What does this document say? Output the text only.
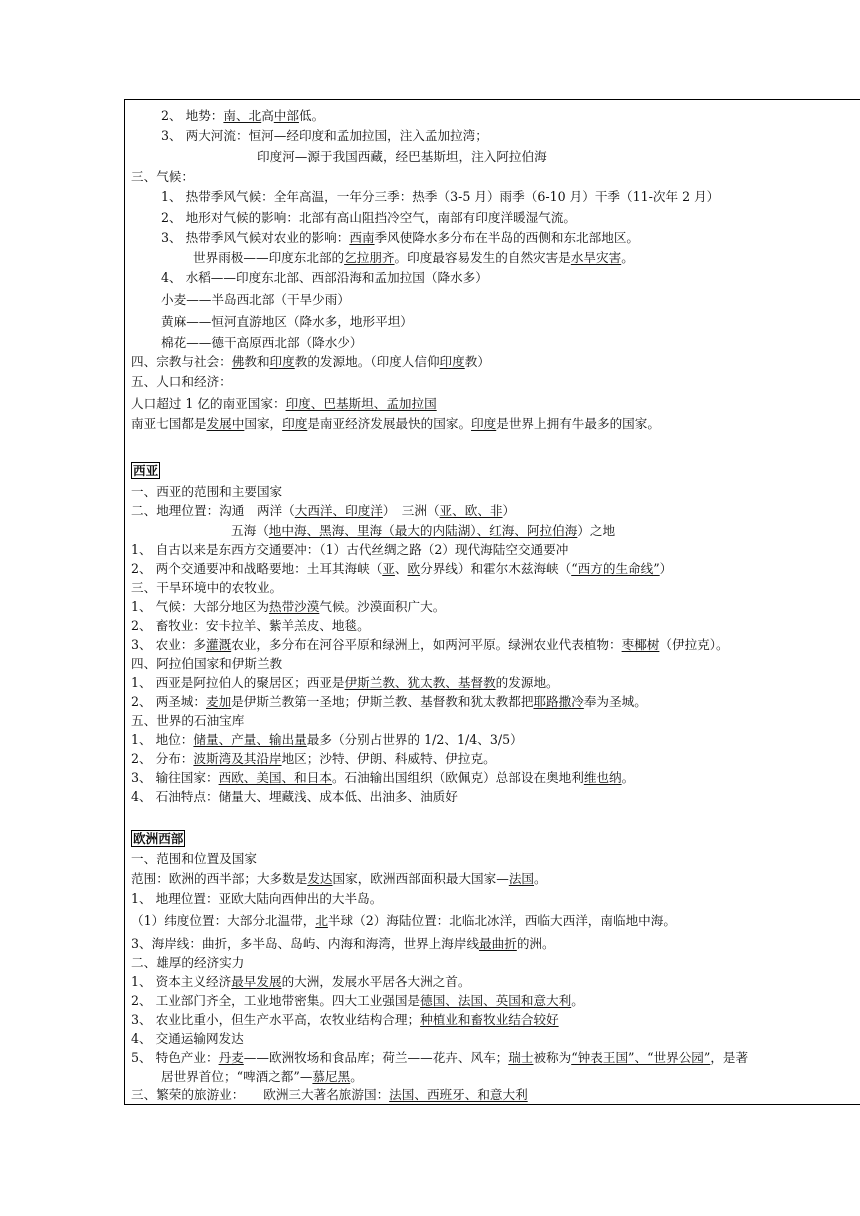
2、 地势：南、北高中部低。
3、 两大河流：恒河—经印度和孟加拉国，注入孟加拉湾；
印度河—源于我国西藏，经巴基斯坦，注入阿拉伯海
三、气候：
1、 热带季风气候：全年高温，一年分三季：热季（3-5 月）雨季（6-10 月）干季（11-次年 2 月）
2、 地形对气候的影响：北部有高山阻挡冷空气，南部有印度洋暖湿气流。
3、 热带季风气候对农业的影响：西南季风使降水多分布在半岛的西侧和东北部地区。
世界雨极——印度东北部的乞拉朋齐。印度最容易发生的自然灾害是水旱灾害。
4、 水稻——印度东北部、西部沿海和孟加拉国（降水多）
小麦——半岛西北部（干旱少雨）
黄麻——恒河直游地区（降水多，地形平坦）
棉花——德干高原西北部（降水少）
四、宗教与社会：佛教和印度教的发源地。（印度人信仰印度教）
五、人口和经济：
人口超过 1 亿的南亚国家：印度、巴基斯坦、孟加拉国
南亚七国都是发展中国家，印度是南亚经济发展最快的国家。印度是世界上拥有牛最多的国家。
西亚
一、西亚的范围和主要国家
二、地理位置：沟通　两洋（大西洋、印度洋）　三洲（亚、欧、非）
五海（地中海、黑海、里海（最大的内陆湖）、红海、阿拉伯海）之地
1、 自古以来是东西方交通要冲：（1）古代丝绸之路（2）现代海陆空交通要冲
2、 两个交通要冲和战略要地：土耳其海峡（亚、欧分界线）和霍尔木兹海峡（“西方的生命线”）
三、干旱环境中的农牧业。
1、 气候：大部分地区为热带沙漠气候。沙漠面积广大。
2、 畜牧业：安卡拉羊、紫羊羔皮、地毯。
3、 农业：多灌溉农业，多分布在河谷平原和绿洲上，如两河平原。绿洲农业代表植物：枣椰树（伊拉克）。
四、阿拉伯国家和伊斯兰教
1、 西亚是阿拉伯人的聚居区；西亚是伊斯兰教、犹太教、基督教的发源地。
2、 两圣城：麦加是伊斯兰教第一圣地；伊斯兰教、基督教和犹太教都把耶路撒冷奉为圣城。
五、世界的石油宝库
1、 地位：储量、产量、输出量最多（分别占世界的 1/2、1/4、3/5）
2、 分布：波斯湾及其沿岸地区；沙特、伊朗、科威特、伊拉克。
3、 输往国家：西欧、美国、和日本。石油输出国组织（欧佩克）总部设在奥地利维也纳。
4、 石油特点：储量大、埋藏浅、成本低、出油多、油质好
欧洲西部
一、范围和位置及国家
范围：欧洲的西半部；大多数是发达国家，欧洲西部面积最大国家—法国。
1、 地理位置：亚欧大陆向西伸出的大半岛。
（1）纬度位置：大部分北温带，北半球（2）海陆位置：北临北冰洋，西临大西洋，南临地中海。
3、海岸线：曲折，多半岛、岛屿、内海和海湾，世界上海岸线最曲折的洲。
二、雄厚的经济实力
1、 资本主义经济最早发展的大洲，发展水平居各大洲之首。
2、 工业部门齐全，工业地带密集。四大工业强国是德国、法国、英国和意大利。
3、 农业比重小，但生产水平高，农牧业结构合理；种植业和畜牧业结合较好
4、 交通运输网发达
5、 特色产业：丹麦——欧洲牧场和食品库；荷兰——花卉、风车；瑞士被称为“钟表王国”、“世界公园”，是著
居世界首位；“啤酒之都”—慕尼黑。
三、繁荣的旅游业：　　欧洲三大著名旅游国：法国、西班牙、和意大利
